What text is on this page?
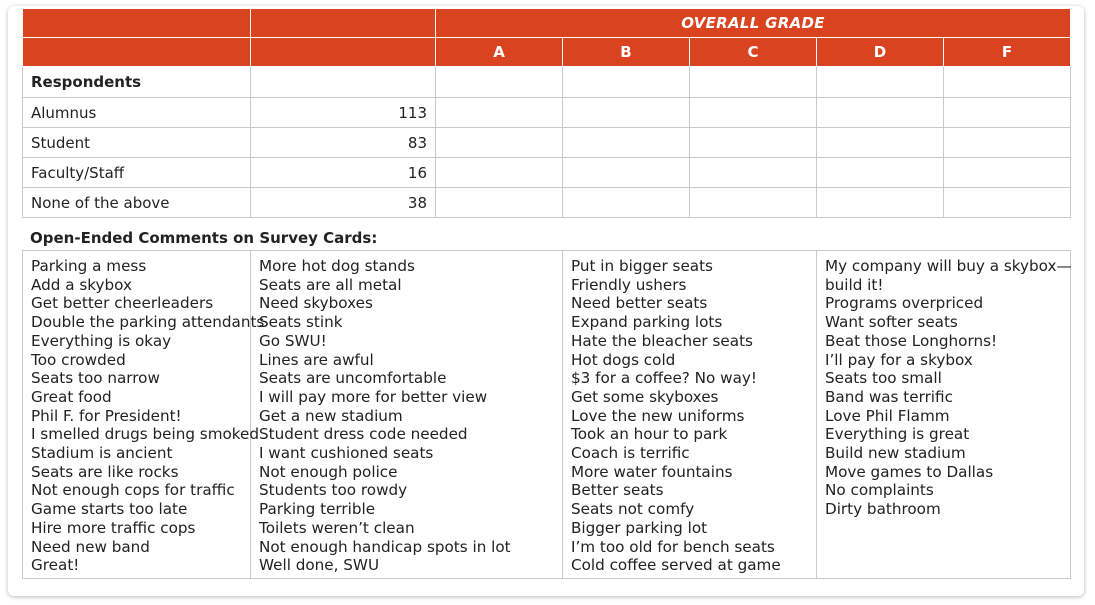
		OVERALL GRADE				
		A	B	C	D	F
Respondents						
Alumnus	113					
Student	83					
Faculty/Staff	16					
None of the above	38					
Open-Ended Comments on Survey Cards:
Parking a mess
Add a skybox
Get better cheerleaders
Double the parking attendants
Everything is okay
Too crowded
Seats too narrow
Great food
Phil F. for President!
I smelled drugs being smoked
Stadium is ancient
Seats are like rocks
Not enough cops for traffic
Game starts too late
Hire more traffic cops
Need new band
Great!

More hot dog stands
Seats are all metal
Need skyboxes
Seats stink
Go SWU!
Lines are awful
Seats are uncomfortable
I will pay more for better view
Get a new stadium
Student dress code needed
I want cushioned seats
Not enough police
Students too rowdy
Parking terrible
Toilets weren’t clean
Not enough handicap spots in lot
Well done, SWU

Put in bigger seats
Friendly ushers
Need better seats
Expand parking lots
Hate the bleacher seats
Hot dogs cold
$3 for a coffee? No way!
Get some skyboxes
Love the new uniforms
Took an hour to park
Coach is terrific
More water fountains
Better seats
Seats not comfy
Bigger parking lot
I’m too old for bench seats
Cold coffee served at game

My company will buy a skybox—
build it!
Programs overpriced
Want softer seats
Beat those Longhorns!
I’ll pay for a skybox
Seats too small
Band was terrific
Love Phil Flamm
Everything is great
Build new stadium
Move games to Dallas
No complaints
Dirty bathroom
